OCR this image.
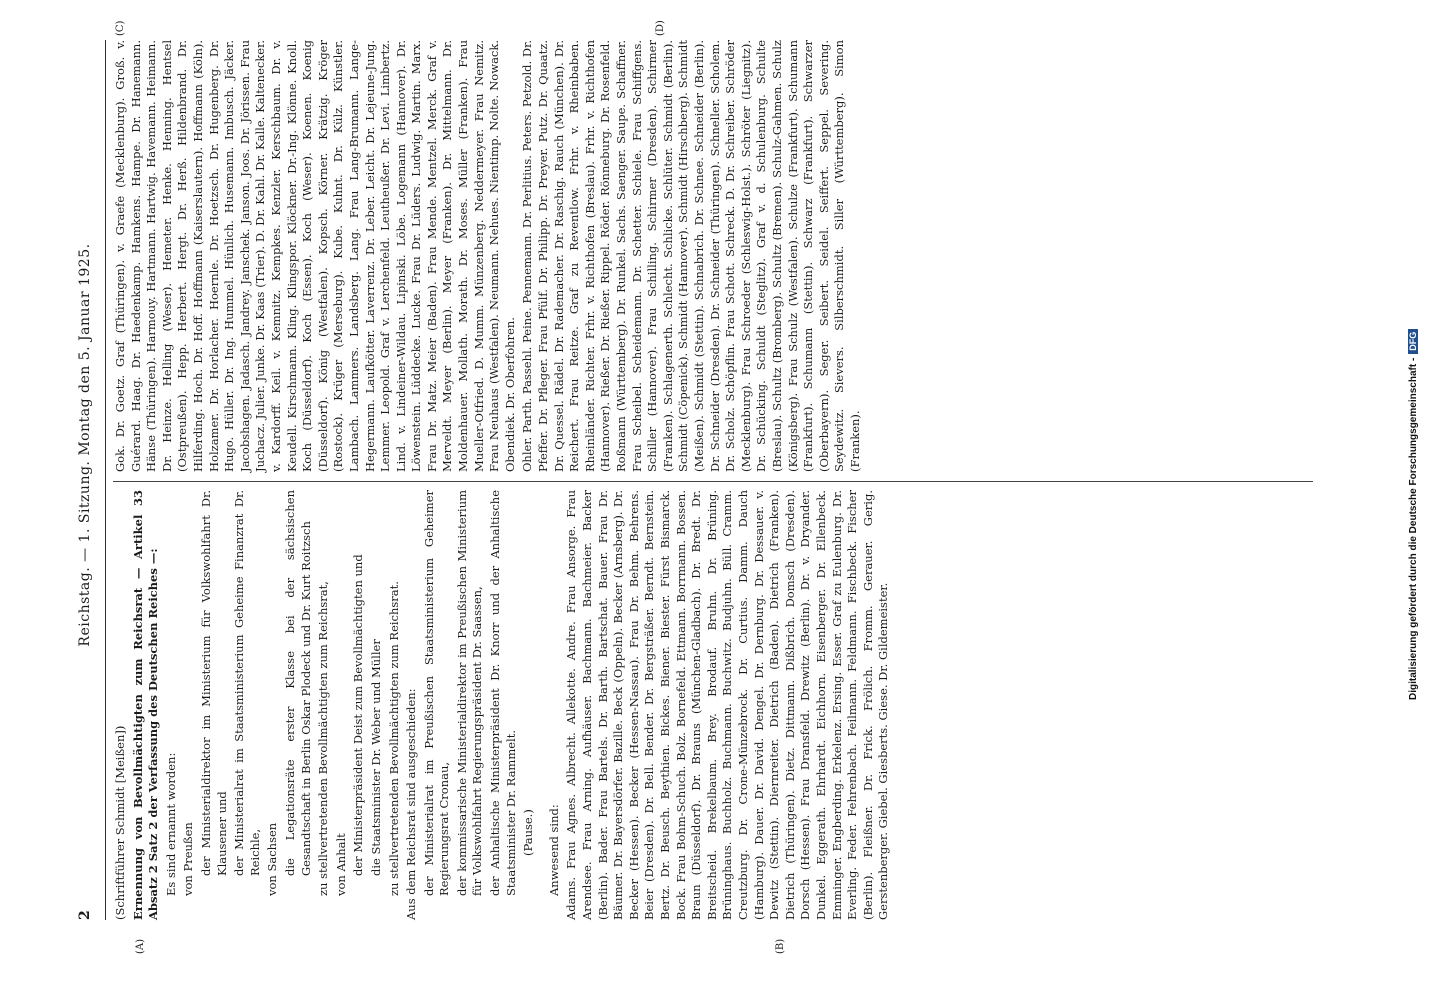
2
Reichstag. — 1. Sitzung. Montag den 5. Januar 1925.
(A)	(B)
(C)	(D)

(Schriftführer Schmidt [Meißen]) Ernennung von Bevollmächtigten zum Reichsrat — Artikel 33 Absatz 2 Satz 2 der Verfassung des Deutschen Reiches —: Es sind ernannt worden: von Preußen der Ministerialdirektor im Ministerium für Volkswohlfahrt Dr. Klausener und der Ministerialrat im Staatsministerium Geheime Finanzrat Dr. Reichle, von Sachsen die Legationsräte erster Klasse bei der sächsischen Gesandtschaft in Berlin Oskar Plodeck und Dr. Kurt Roitzsch zu stellvertretenden Bevollmächtigten zum Reichsrat, von Anhalt der Ministerpräsident Deist zum Bevollmächtigten und die Staatsminister Dr. Weber und Müller zu stellvertretenden Bevollmächtigten zum Reichsrat. Aus dem Reichsrat sind ausgeschieden: der Ministerialrat im Preußischen Staatsministerium Geheimer Regierungsrat Cronau, der kommissarische Ministerialdirektor im Preußischen Ministerium für Volkswohlfahrt Regierungspräsident Dr. Saassen, der Anhaltische Ministerpräsident Dr. Knorr und der Anhaltische Staatsminister Dr. Rammelt. (Pause.) Anwesend sind: Adams. Frau Agnes. Albrecht. Allekotte. Andre. Frau Ansorge. Frau Arendsee. Frau Arning. Aufhäuser. Bachmann. Bachmeier. Backer (Berlin). Bader. Frau Bartels. Dr. Barth. Bartschat. Bauer. Frau Dr. Bäumer. Dr. Bayersdörfer. Bazille. Beck (Oppeln). Becker (Arnsberg). Dr. Becker (Hessen). Becker (Hessen-Nassau). Frau Dr. Behm. Behrens. Beier (Dresden). Dr. Bell. Bender. Dr. Bergsträßer. Berndt. Bernstein. Bertz. Dr. Beusch. Beythien. Bickes. Biener. Biester. Fürst Bismarck. Bock. Frau Bohm-Schuch. Bolz. Bornefeld. Ettmann. Borrmann. Bossen. Braun (Düsseldorf). Dr. Brauns (München-Gladbach). Dr. Bredt. Dr. Breitscheid. Brekelbaum. Brey. Brodauf. Bruhn. Dr. Brüning. Brüninghaus. Buchholz. Buchmann. Buchwitz. Budjuhn. Büll. Cramm. Creutzburg. Dr. Crone-Münzebrock. Dr. Curtius. Damm. Dauch (Hamburg). Dauer. Dr. David. Dengel. Dr. Dernburg. Dr. Dessauer. v. Dewitz (Stettin). Diernreiter. Dietrich (Baden). Dietrich (Franken). Dietrich (Thüringen). Dietz. Dittmann. Dißbrich. Domsch (Dresden). Dorsch (Hessen). Frau Dransfeld. Drewitz (Berlin). Dr. v. Dryander. Dunkel. Eggerath. Ehrhardt. Eichhorn. Eisenberger. Dr. Ellenbeck. Emminger. Engberding. Erkelenz. Ersing. Esser. Graf zu Eulenburg. Dr. Everling. Feder. Fehrenbach. Feilmann. Feldmann. Fischbeck. Fischer (Berlin). Fleißner. Dr. Frick. Frölich. Fromm. Gerauer. Gerig. Gerstenberger. Giebel. Giesberts. Giese. Dr. Gildemeister.

Gok. Dr. Goetz. Graf (Thüringen). v. Graefe (Mecklenburg). Groß. v. Guérard. Haag. Dr. Haedenkamp. Hamkens. Hampe. Dr. Hanemann. Hänse (Thüringen). Harmouy. Hartmann. Hartwig. Havemann. Heimann. Dr. Heinze. Helling (Weser). Hemeter. Henke. Henning. Hentsel (Ostpreußen). Hepp. Herbert. Hergt. Dr. Herß. Hildenbrand. Dr. Hilferding. Hoch. Dr. Hoff. Hoffmann (Kaiserslautern). Hoffmann (Köln). Holzamer. Dr. Horlacher. Hoernle. Dr. Hoetzsch. Dr. Hugenberg. Dr. Hugo. Hüller. Dr. Ing. Hummel. Hünlich. Husemann. Imbusch. Jäcker. Jacobshagen. Jadasch. Jandrey. Janschek. Janson. Joos. Dr. Jörissen. Frau Juchacz. Julier. Junke. Dr. Kaas (Trier). D. Dr. Kahl. Dr. Kalle. Kaltenecker. v. Kardorff. Keil. v. Kemnitz. Kempkes. Kenzler. Kerschbaum. Dr. v. Keudell. Kirschmann. Kling. Klingspor. Klöckner. Dr.-Ing. Klönne. Knoll. Koch (Düsseldorf). Koch (Essen). Koch (Weser). Koenen. Koenig (Düsseldorf). König (Westfalen). Kopsch. Körner. Krätzig. Kröger (Rostock). Krüger (Merseburg). Kube. Kuhnt. Dr. Külz. Künstler. Lambach. Lammers. Landsberg. Lang. Frau Lang-Brumann. Lange-Hegermann. Laufkötter. Laverrenz. Dr. Leber. Leicht. Dr. Lejeune-Jung. Lemmer. Leopold. Graf v. Lerchenfeld. Leutheußer. Dr. Levi. Limbertz. Lind. v. Lindeiner-Wildau. Lipinski. Löbe. Logemann (Hannover). Dr. Löwenstein. Lüddecke. Lucke. Frau Dr. Lüders. Ludwig. Martin. Marx. Frau Dr. Matz. Meier (Baden). Frau Mende. Mentzel. Merck. Graf v. Merveldt. Meyer (Berlin). Meyer (Franken). Dr. Mittelmann. Dr. Moldenhauer. Mollath. Morath. Dr. Moses. Müller (Franken). Frau Mueller-Otfried. D. Mumm. Münzenberg. Neddermeyer. Frau Nemitz. Frau Neuhaus (Westfalen). Neumann. Nehues. Nientimp. Nolte. Nowack. Obendiek. Dr. Oberfohren. Ohler. Parth. Passehl. Peine. Pennemann. Dr. Perlitius. Peters. Petzold. Dr. Pfeffer. Dr. Pfleger. Frau Pfülf. Dr. Philipp. Dr. Preyer. Putz. Dr. Quaatz. Dr. Quessel. Rädel. Dr. Rademacher. Dr. Raschig. Rauch (München). Dr. Reichert. Frau Reitze. Graf zu Reventlow. Frhr. v. Rheinbaben. Rheinländer. Richter. Frhr. v. Richthofen (Breslau). Frhr. v. Richthofen (Hannover). Rießer. Dr. Rießer. Rippel. Röder. Rönneburg. Dr. Rosenfeld. Roßmann (Württemberg). Dr. Runkel. Sachs. Saenger. Saupe. Schaffner. Frau Scheibel. Scheidemann. Dr. Schetter. Schiele. Frau Schiffgens. Schiller (Hannover). Frau Schilling. Schirmer (Dresden). Schirmer (Franken). Schlagenerth. Schlecht. Schlicke. Schlüter. Schmidt (Berlin). Schmidt (Cöpenick). Schmidt (Hannover). Schmidt (Hirschberg). Schmidt (Meißen). Schmidt (Stettin). Schnabrich. Dr. Schnee. Schneider (Berlin). Dr. Schneider (Dresden). Dr. Schneider (Thüringen). Schneller. Scholem. Dr. Scholz. Schöpflin. Frau Schott. Schreck. D. Dr. Schreiber. Schröder (Mecklenburg). Frau Schroeder (Schleswig-Holst.). Schröter (Liegnitz). Dr. Schücking. Schuldt (Steglitz). Graf v. d. Schulenburg. Schulte (Breslau). Schultz (Bromberg). Schultz (Bremen). Schulz-Gahmen. Schulz (Königsberg). Frau Schulz (Westfalen). Schulze (Frankfurt). Schumann (Frankfurt). Schumann (Stettin). Schwarz (Frankfurt). Schwarzer (Oberbayern). Seger. Seibert. Seidel. Seiffert. Seppel. Severing. Seydewitz. Sievers. Silberschmidt. Siller (Württemberg). Simon (Franken).	Digitalisierung gefördert durch die Deutsche Forschungsgemeinschaft -DFG
